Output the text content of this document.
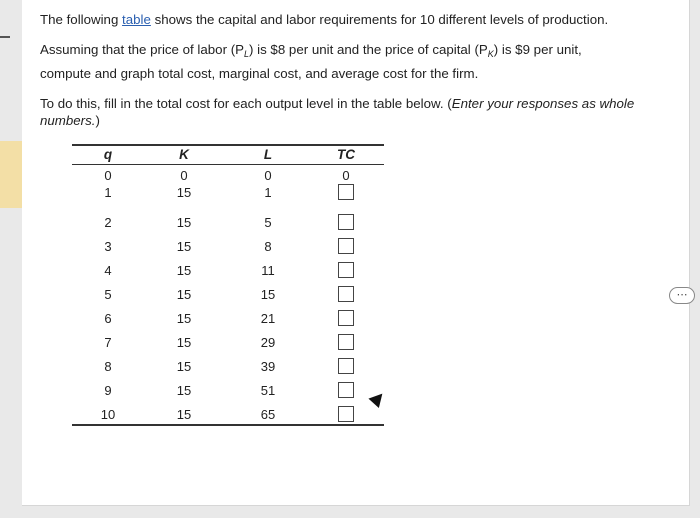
The following table shows the capital and labor requirements for 10 different levels of production.

Assuming that the price of labor $(P_L)$ is $8 per unit and the price of capital $(P_K)$ is $9 per unit,
compute and graph total cost, marginal cost, and average cost for the firm.

To do this, fill in the total cost for each output level in the table below. (Enter your responses as whole numbers.)

q	K	L	TC
0	0	0	0
1	15	1
2	15	5
3	15	8
4	15	11
5	15	15
6	15	21
7	15	29
8	15	39
9	15	51
10	15	65
⋯
